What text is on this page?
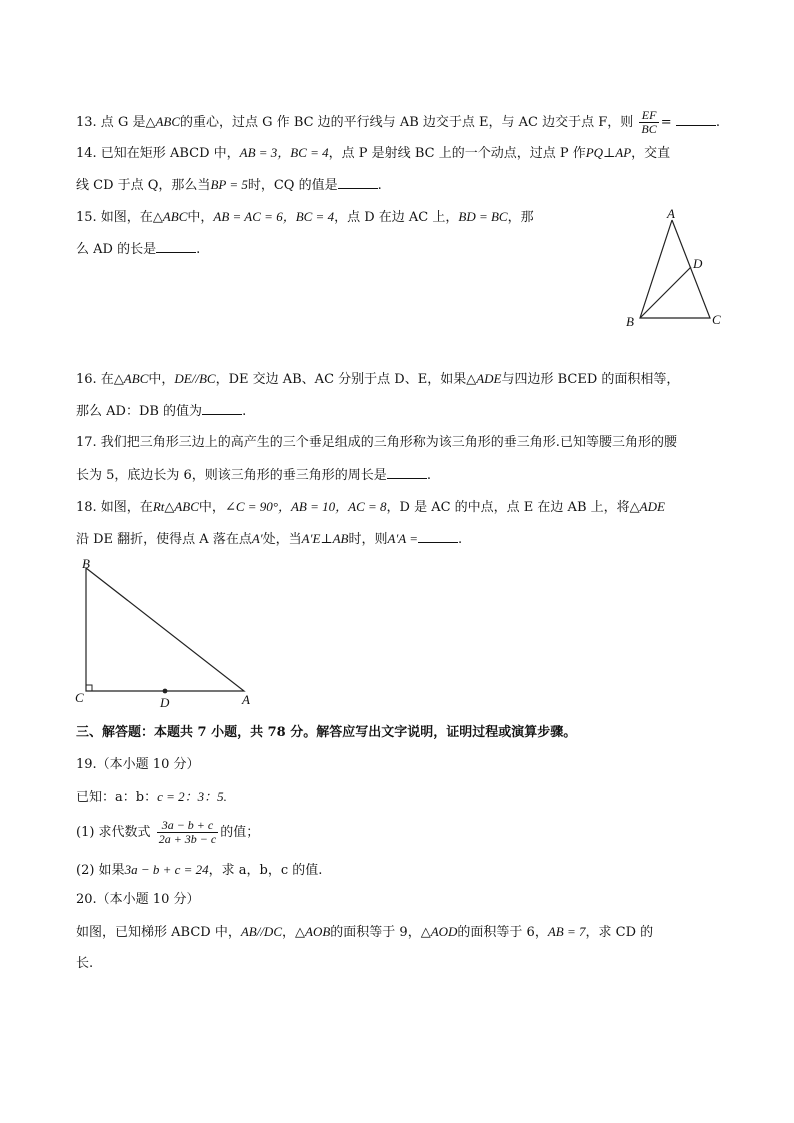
13. 点 G 是△ABC的重心，过点 G 作 BC 边的平行线与 AB 边交于点 E，与 AC 边交于点 F，则 $\frac{EF}{BC}$ =	.
14. 已知在矩形 ABCD 中，AB = 3，BC = 4，点 P 是射线 BC 上的一个动点，过点 P 作PQ⊥AP，交直
线 CD 于点 Q，那么当BP = 5时，CQ 的值是	.
15. 如图，在△ABC中，AB = AC = 6，BC = 4，点 D 在边 AC 上，BD = BC，那
么 AD 的长是	.
A
B	C
D
16. 在△ABC中，DE//BC，DE 交边 AB、AC 分别于点 D、E，如果△ADE与四边形 BCED 的面积相等，
那么 AD：DB 的值为	.
17. 我们把三角形三边上的高产生的三个垂足组成的三角形称为该三角形的垂三角形.已知等腰三角形的腰
长为 5，底边长为 6，则该三角形的垂三角形的周长是	.
18. 如图，在Rt△ABC中，∠C = 90°，AB = 10，AC = 8，D 是 AC 的中点，点 E 在边 AB 上，将△ADE
沿 DE 翻折，使得点 A 落在点A′处，当A′E⊥AB时，则A′A =	.
B
C	D	A
三、解答题：本题共 7 小题，共 78 分。解答应写出文字说明，证明过程或演算步骤。
19.（本小题 10 分）
已知：a：b：c = 2：3：5.
(1) 求代数式 $\frac{3a - b + c}{2a + 3b - c}$ 的值；
(2) 如果3a − b + c = 24，求 a，b，c 的值.
20.（本小题 10 分）
如图，已知梯形 ABCD 中，AB//DC，△AOB的面积等于 9，△AOD的面积等于 6，AB = 7，求 CD 的
长.
